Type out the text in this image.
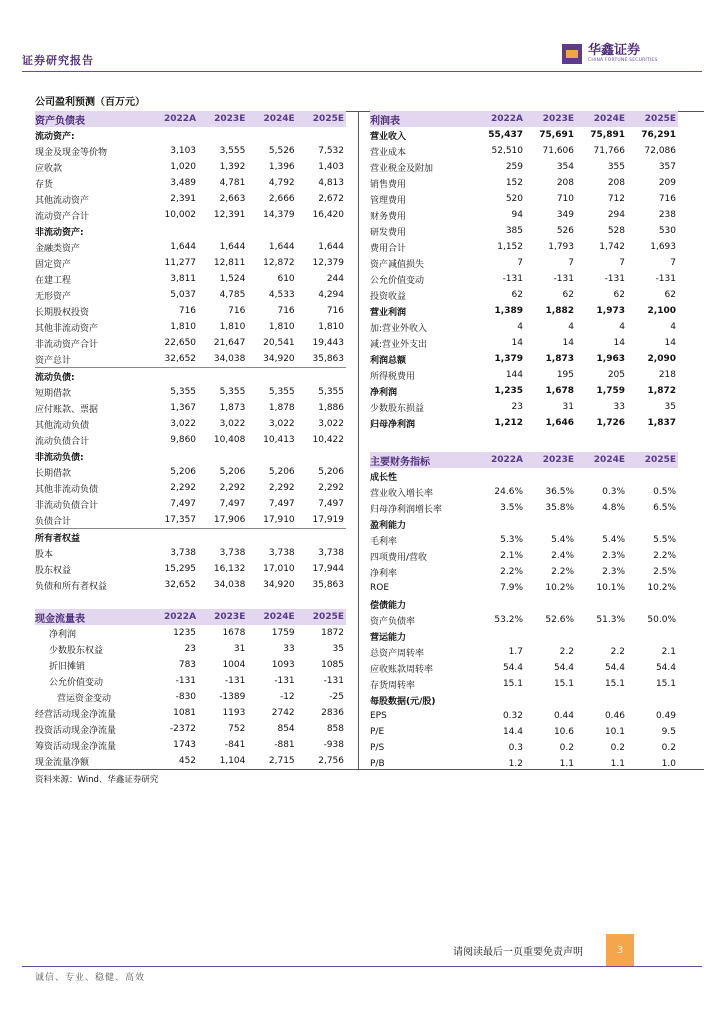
证券研究报告
华鑫证券
CHINA FORTUNE SECURITIES
公司盈利预测（百万元）
资产负债表	2022A	2023E	2024E	2025E
流动资产:				
现金及现金等价物	3,103	3,555	5,526	7,532
应收款	1,020	1,392	1,396	1,403
存货	3,489	4,781	4,792	4,813
其他流动资产	2,391	2,663	2,666	2,672
流动资产合计	10,002	12,391	14,379	16,420
非流动资产:				
金融类资产	1,644	1,644	1,644	1,644
固定资产	11,277	12,811	12,872	12,379
在建工程	3,811	1,524	610	244
无形资产	5,037	4,785	4,533	4,294
长期股权投资	716	716	716	716
其他非流动资产	1,810	1,810	1,810	1,810
非流动资产合计	22,650	21,647	20,541	19,443
资产总计	32,652	34,038	34,920	35,863
流动负债:				
短期借款	5,355	5,355	5,355	5,355
应付账款、票据	1,367	1,873	1,878	1,886
其他流动负债	3,022	3,022	3,022	3,022
流动负债合计	9,860	10,408	10,413	10,422
非流动负债:				
长期借款	5,206	5,206	5,206	5,206
其他非流动负债	2,292	2,292	2,292	2,292
非流动负债合计	7,497	7,497	7,497	7,497
负债合计	17,357	17,906	17,910	17,919
所有者权益				
股本	3,738	3,738	3,738	3,738
股东权益	15,295	16,132	17,010	17,944
负债和所有者权益	32,652	34,038	34,920	35,863
现金流量表	2022A	2023E	2024E	2025E
净利润	1235	1678	1759	1872
少数股东权益	23	31	33	35
折旧摊销	783	1004	1093	1085
公允价值变动	-131	-131	-131	-131
营运资金变动	-830	-1389	-12	-25
经营活动现金净流量	1081	1193	2742	2836
投资活动现金净流量	-2372	752	854	858
筹资活动现金净流量	1743	-841	-881	-938
现金流量净额	452	1,104	2,715	2,756
利润表	2022A	2023E	2024E	2025E
营业收入	55,437	75,691	75,891	76,291
营业成本	52,510	71,606	71,766	72,086
营业税金及附加	259	354	355	357
销售费用	152	208	208	209
管理费用	520	710	712	716
财务费用	94	349	294	238
研发费用	385	526	528	530
费用合计	1,152	1,793	1,742	1,693
资产减值损失	7	7	7	7
公允价值变动	-131	-131	-131	-131
投资收益	62	62	62	62
营业利润	1,389	1,882	1,973	2,100
加:营业外收入	4	4	4	4
减:营业外支出	14	14	14	14
利润总额	1,379	1,873	1,963	2,090
所得税费用	144	195	205	218
净利润	1,235	1,678	1,759	1,872
少数股东损益	23	31	33	35
归母净利润	1,212	1,646	1,726	1,837
主要财务指标	2022A	2023E	2024E	2025E
成长性				
营业收入增长率	24.6%	36.5%	0.3%	0.5%
归母净利润增长率	3.5%	35.8%	4.8%	6.5%
盈利能力				
毛利率	5.3%	5.4%	5.4%	5.5%
四项费用/营收	2.1%	2.4%	2.3%	2.2%
净利率	2.2%	2.2%	2.3%	2.5%
ROE	7.9%	10.2%	10.1%	10.2%
偿债能力				
资产负债率	53.2%	52.6%	51.3%	50.0%
营运能力				
总资产周转率	1.7	2.2	2.2	2.1
应收账款周转率	54.4	54.4	54.4	54.4
存货周转率	15.1	15.1	15.1	15.1
每股数据(元/股)				
EPS	0.32	0.44	0.46	0.49
P/E	14.4	10.6	10.1	9.5
P/S	0.3	0.2	0.2	0.2
P/B	1.2	1.1	1.1	1.0
资料来源：Wind、华鑫证券研究
请阅读最后一页重要免责声明	3
诚信、专业、稳健、高效
